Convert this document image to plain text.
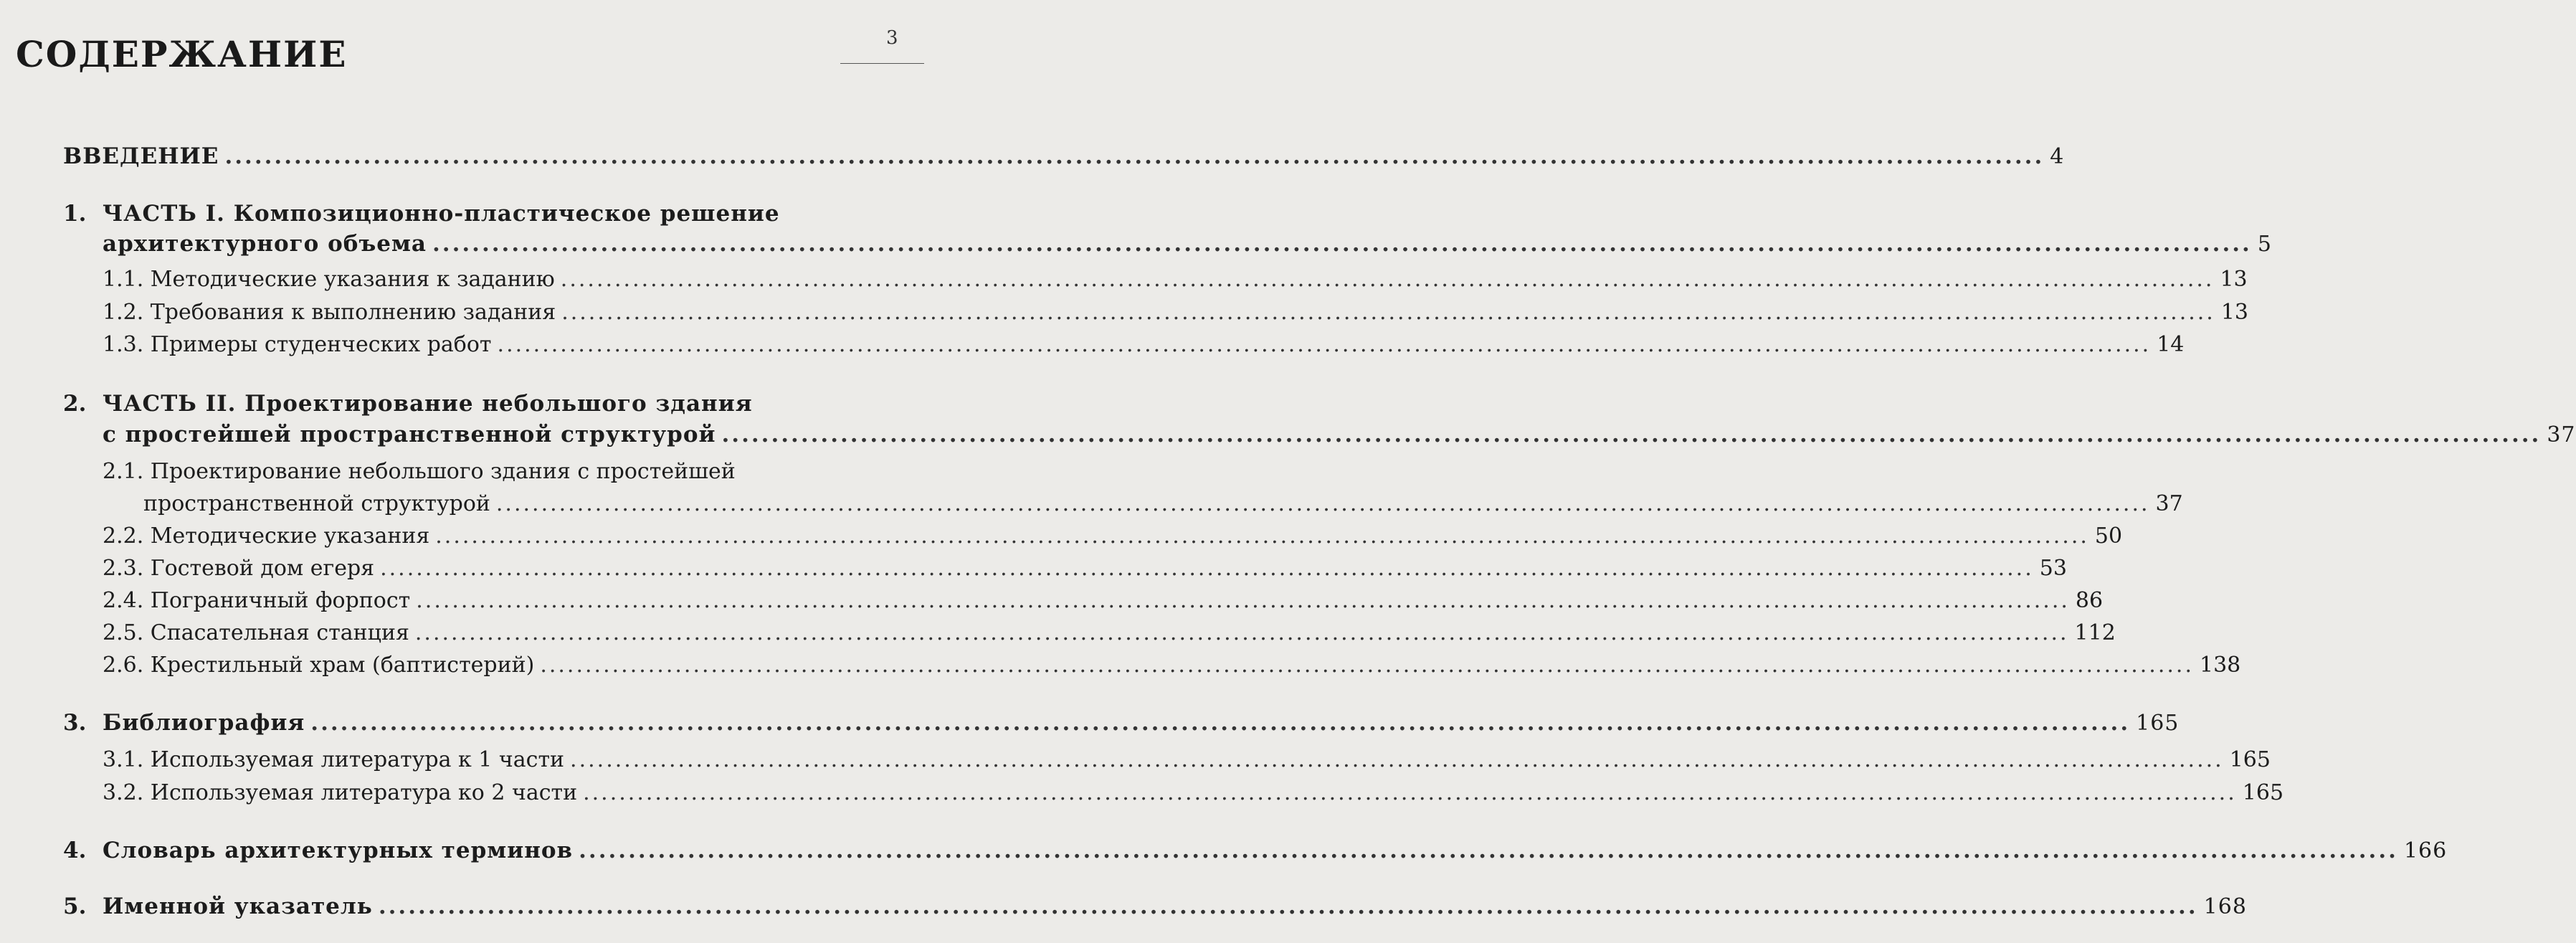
3
СОДЕРЖАНИЕ
ВВЕДЕНИЕ ........................................................................................................................................................................................ 4
1. ЧАСТЬ I. Композиционно-пластическое решение
архитектурного объема ........................................................................................................................................................................................ 5
1.1. Методические указания к заданию ........................................................................................................................................................................................ 13
1.2. Требования к выполнению задания ........................................................................................................................................................................................ 13
1.3. Примеры студенческих работ ........................................................................................................................................................................................ 14
2. ЧАСТЬ II. Проектирование небольшого здания
с простейшей пространственной структурой ........................................................................................................................................................................................ 37
2.1. Проектирование небольшого здания с простейшей
пространственной структурой ........................................................................................................................................................................................ 37
2.2. Методические указания ........................................................................................................................................................................................ 50
2.3. Гостевой дом егеря ........................................................................................................................................................................................ 53
2.4. Пограничный форпост ........................................................................................................................................................................................ 86
2.5. Спасательная станция ........................................................................................................................................................................................ 112
2.6. Крестильный храм (баптистерий) ........................................................................................................................................................................................ 138
3. Библиография ........................................................................................................................................................................................ 165
3.1. Используемая литература к 1 части ........................................................................................................................................................................................ 165
3.2. Используемая литература ко 2 части ........................................................................................................................................................................................ 165
4. Словарь архитектурных терминов ........................................................................................................................................................................................ 166
5. Именной указатель ........................................................................................................................................................................................ 168
